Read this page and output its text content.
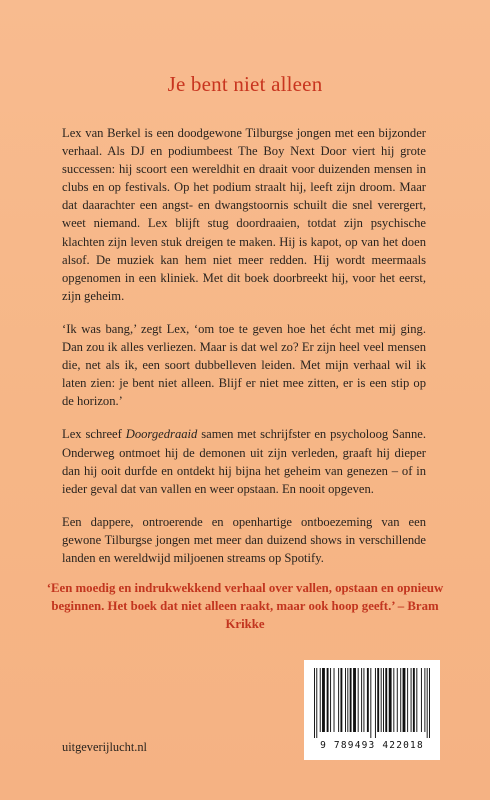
Je bent niet alleen

Lex van Berkel is een doodgewone Tilburgse jongen met een bijzonder verhaal. Als DJ en podiumbeest The Boy Next Door viert hij grote successen: hij scoort een wereldhit en draait voor duizenden mensen in clubs en op festivals. Op het podium straalt hij, leeft zijn droom. Maar dat daarachter een angst- en dwangstoornis schuilt die snel verergert, weet niemand. Lex blijft stug doordraaien, totdat zijn psychische klachten zijn leven stuk dreigen te maken. Hij is kapot, op van het doen alsof. De muziek kan hem niet meer redden. Hij wordt meermaals opgenomen in een kliniek. Met dit boek doorbreekt hij, voor het eerst, zijn geheim.

‘Ik was bang,’ zegt Lex, ‘om toe te geven hoe het écht met mij ging. Dan zou ik alles verliezen. Maar is dat wel zo? Er zijn heel veel mensen die, net als ik, een soort dubbelleven leiden. Met mijn verhaal wil ik laten zien: je bent niet alleen. Blijf er niet mee zitten, er is een stip op de horizon.’

Lex schreef Doorgedraaid samen met schrijfster en psycholoog Sanne. Onderweg ontmoet hij de demonen uit zijn verleden, graaft hij dieper dan hij ooit durfde en ontdekt hij bijna het geheim van genezen – of in ieder geval dat van vallen en weer opstaan. En nooit opgeven.

Een dappere, ontroerende en openhartige ontboezeming van een gewone Tilburgse jongen met meer dan duizend shows in verschillende landen en wereldwijd miljoenen streams op Spotify.

‘Een moedig en indrukwekkend verhaal over vallen, opstaan en opnieuw beginnen. Het boek dat niet alleen raakt, maar ook hoop geeft.’ – Bram Krikke
uitgeverijlucht.nl	9 789493 422018
